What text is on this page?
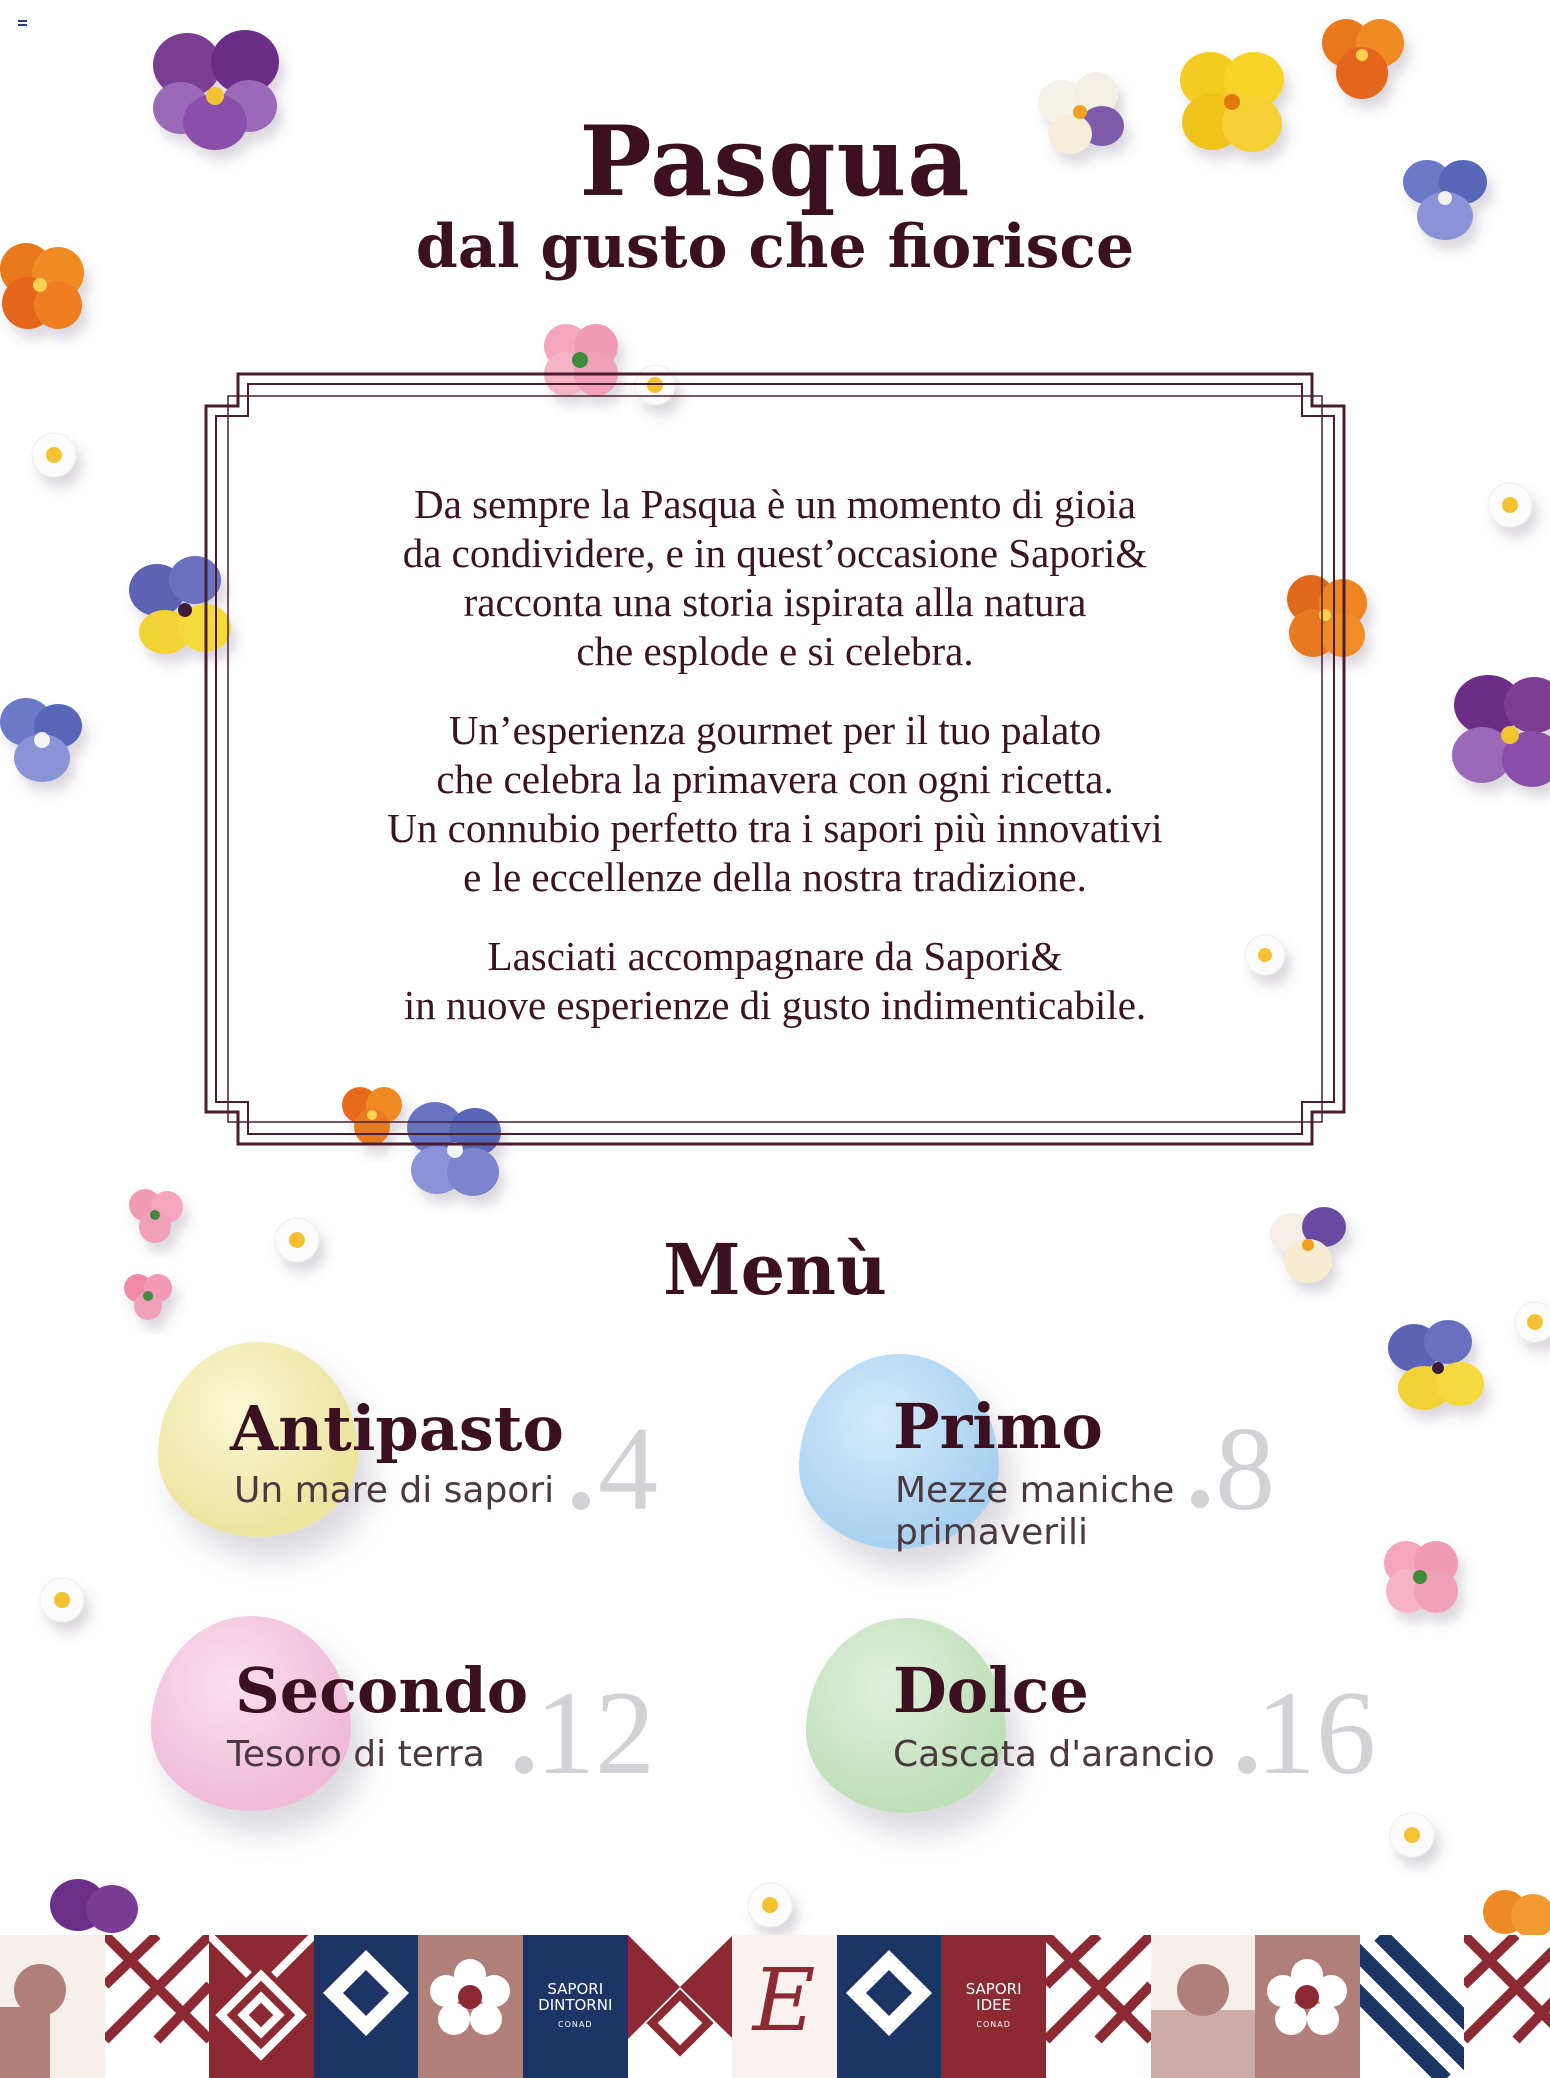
Pasqua
dal gusto che fiorisce

Da sempre la Pasqua è un momento di gioia
da condividere, e in quest’occasione Sapori&
racconta una storia ispirata alla natura
che esplode e si celebra.

Un’esperienza gourmet per il tuo palato
che celebra la primavera con ogni ricetta.
Un connubio perfetto tra i sapori più innovativi
e le eccellenze della nostra tradizione.

Lasciati accompagnare da Sapori&
in nuove esperienze di gusto indimenticabile.

Menù
Antipasto
Un mare di sapori 4	Primo
Mezze maniche primaverili	8
Secondo
Tesoro di terra 12	Dolce
Cascata d'arancio 16
SAPORI
DINTORNI
CONAD E	SAPORI
IDEE
CONAD
